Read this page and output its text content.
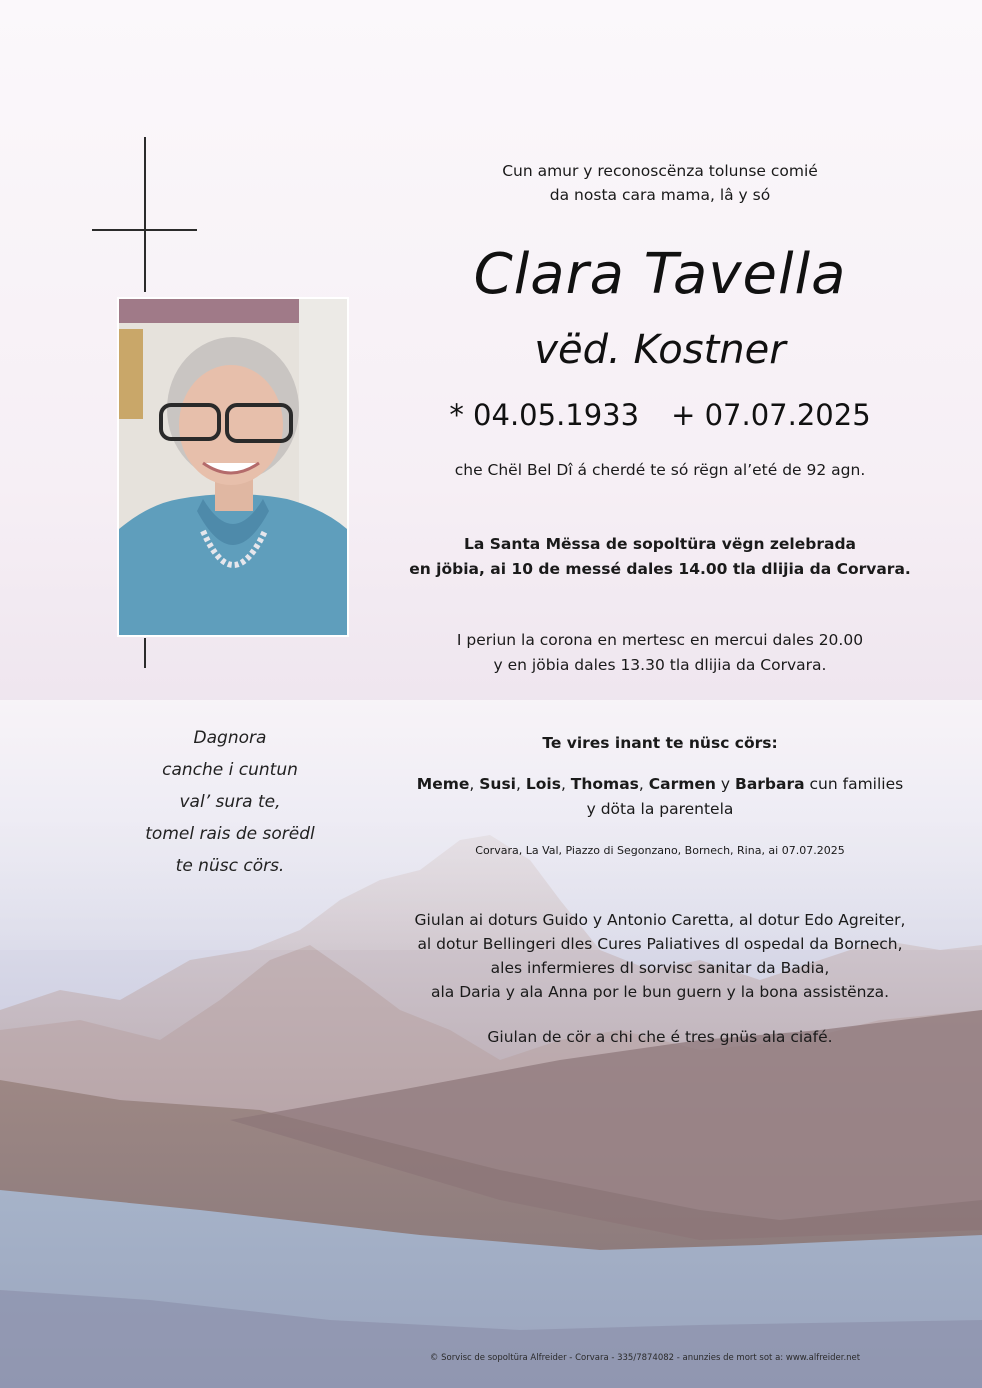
Cun amur y reconoscënza tolunse comié
da nosta cara mama, lâ y só
Clara Tavella
vëd. Kostner
* 04.05.1933 + 07.07.2025
che Chël Bel Dî á cherdé te só rëgn al’eté de 92 agn.
La Santa Mëssa de sopoltüra vëgn zelebrada
en jöbia, ai 10 de messé dales 14.00 tla dlijia da Corvara.
I periun la corona en mertesc en mercui dales 20.00
y en jöbia dales 13.30 tla dlijia da Corvara.
Dagnora
canche i cuntun
val’ sura te,
tomel rais de sorëdl
te nüsc cörs.
Te vires inant te nüsc cörs:
Meme, Susi, Lois, Thomas, Carmen y Barbara cun families
y döta la parentela
Corvara, La Val, Piazzo di Segonzano, Bornech, Rina, ai 07.07.2025
Giulan ai doturs Guido y Antonio Caretta, al dotur Edo Agreiter,
al dotur Bellingeri dles Cures Paliatives dl ospedal da Bornech,
ales infermieres dl sorvisc sanitar da Badia,
ala Daria y ala Anna por le bun guern y la bona assistënza.
Giulan de cör a chi che é tres gnüs ala ciafé.
© Sorvisc de sopoltüra Alfreider - Corvara - 335/7874082 - anunzies de mort sot a: www.alfreider.net
